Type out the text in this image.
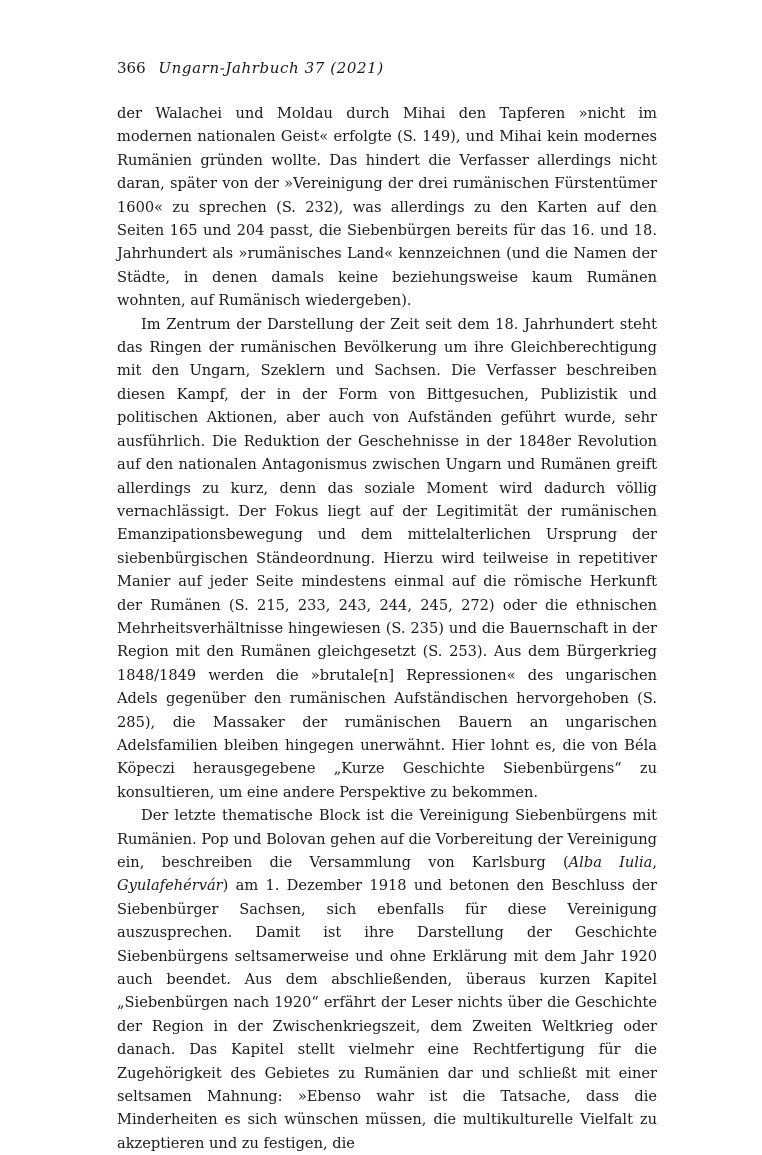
366 Ungarn-Jahrbuch 37 (2021)

der Walachei und Moldau durch Mihai den Tapferen »nicht im modernen nationalen Geist« erfolgte (S. 149), und Mihai kein modernes Rumänien gründen wollte. Das hindert die Verfasser allerdings nicht daran, später von der »Vereinigung der drei rumänischen Fürstentümer 1600« zu sprechen (S. 232), was allerdings zu den Karten auf den Seiten 165 und 204 passt, die Siebenbürgen bereits für das 16. und 18. Jahrhundert als »rumänisches Land« kennzeichnen (und die Namen der Städte, in denen damals keine beziehungsweise kaum Rumänen wohnten, auf Rumänisch wiedergeben).

Im Zentrum der Darstellung der Zeit seit dem 18. Jahrhundert steht das Ringen der rumänischen Bevölkerung um ihre Gleichberechtigung mit den Ungarn, Szeklern und Sachsen. Die Verfasser beschreiben diesen Kampf, der in der Form von Bittgesuchen, Publizistik und politischen Aktionen, aber auch von Aufständen geführt wurde, sehr ausführlich. Die Reduktion der Geschehnisse in der 1848er Revolution auf den nationalen Antagonismus zwischen Ungarn und Rumänen greift allerdings zu kurz, denn das soziale Moment wird dadurch völlig vernachlässigt. Der Fokus liegt auf der Legitimität der rumänischen Emanzipationsbewegung und dem mittelalterlichen Ursprung der siebenbürgischen Ständeordnung. Hierzu wird teilweise in repetitiver Manier auf jeder Seite mindestens einmal auf die römische Herkunft der Rumänen (S. 215, 233, 243, 244, 245, 272) oder die ethnischen Mehrheitsverhältnisse hingewiesen (S. 235) und die Bauernschaft in der Region mit den Rumänen gleichgesetzt (S. 253). Aus dem Bürgerkrieg 1848/1849 werden die »brutale[n] Repressionen« des ungarischen Adels gegenüber den rumänischen Aufständischen hervorgehoben (S. 285), die Massaker der rumänischen Bauern an ungarischen Adelsfamilien bleiben hingegen unerwähnt. Hier lohnt es, die von Béla Köpeczi herausgegebene „Kurze Geschichte Siebenbürgens“ zu konsultieren, um eine andere Perspektive zu bekommen.

Der letzte thematische Block ist die Vereinigung Siebenbürgens mit Rumänien. Pop und Bolovan gehen auf die Vorbereitung der Vereinigung ein, beschreiben die Versammlung von Karlsburg (Alba Iulia, Gyulafehérvár) am 1. Dezember 1918 und betonen den Beschluss der Siebenbürger Sachsen, sich ebenfalls für diese Vereinigung auszusprechen. Damit ist ihre Darstellung der Geschichte Siebenbürgens seltsamerweise und ohne Erklärung mit dem Jahr 1920 auch beendet. Aus dem abschließenden, überaus kurzen Kapitel „Siebenbürgen nach 1920“ erfährt der Leser nichts über die Geschichte der Region in der Zwischenkriegszeit, dem Zweiten Weltkrieg oder danach. Das Kapitel stellt vielmehr eine Rechtfertigung für die Zugehörigkeit des Gebietes zu Rumänien dar und schließt mit einer seltsamen Mahnung: »Ebenso wahr ist die Tatsache, dass die Minderheiten es sich wünschen müssen, die multikulturelle Vielfalt zu akzeptieren und zu festigen, die
